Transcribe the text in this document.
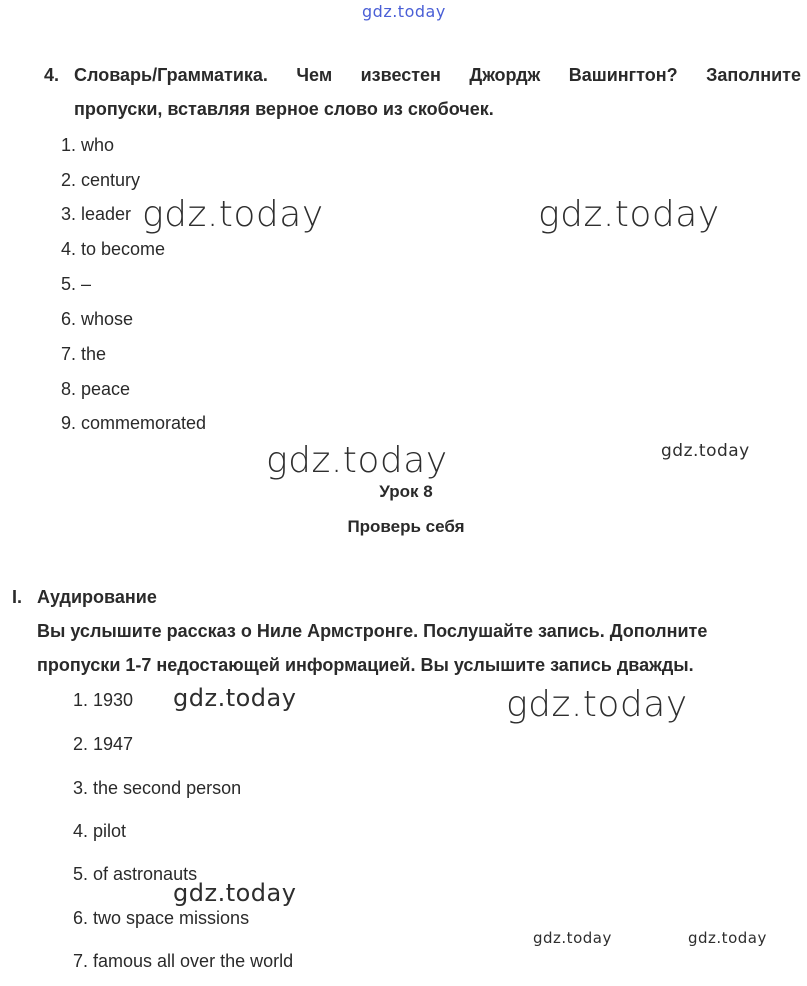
gdz.today
4. Словарь/Грамматика. Чем известен Джордж Вашингтон? Заполните
пропуски, вставляя верное слово из скобочек.
1. who
2. century
3. leader
4. to become
5. –
6. whose
7. the
8. peace
9. commemorated
gdz.today	gdz.today
gdz.today	gdz.today
Урок 8
Проверь себя
I. Аудирование
Вы услышите рассказ о Ниле Армстронге. Послушайте запись. Дополните
пропуски 1-7 недостающей информацией. Вы услышите запись дважды.
1. 1930
2. 1947
3. the second person
4. pilot
5. of astronauts
6. two space missions
7. famous all over the world
gdz.today	gdz.today
gdz.today
gdz.today	gdz.today
